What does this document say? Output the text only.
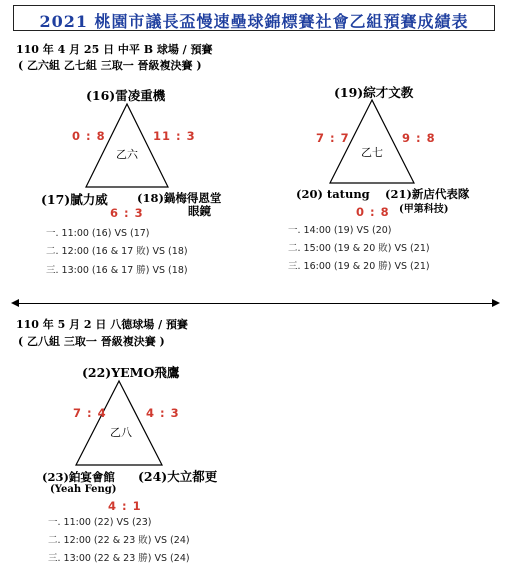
2021 桃園市議長盃慢速壘球錦標賽社會乙組預賽成績表
110 年 4 月 25 日 中平 B 球場 / 預賽
( 乙六組 乙七組 三取一 晉級複決賽 )
(16)雷凌重機
乙六
0 : 8	11 : 3
(17)膩力威	(18)鍋梅得恩堂
眼鏡
6 : 3
一. 11:00 (16) VS (17)
二. 12:00 (16 & 17 敗) VS (18)
三. 13:00 (16 & 17 勝) VS (18)
(19)綜才文教
乙七
7 : 7	9 : 8
(20) tatung (21)新店代表隊
(甲第科技)
0 : 8
一. 14:00 (19) VS (20)
二. 15:00 (19 & 20 敗) VS (21)
三. 16:00 (19 & 20 勝) VS (21)
110 年 5 月 2 日 八德球場 / 預賽
( 乙八組 三取一 晉級複決賽 )
(22)YEMO飛鷹
乙八
7 : 4	4 : 3
(23)鉑宴會館
(Yeah Feng)
(24)大立都更
4 : 1
一. 11:00 (22) VS (23)
二. 12:00 (22 & 23 敗) VS (24)
三. 13:00 (22 & 23 勝) VS (24)
